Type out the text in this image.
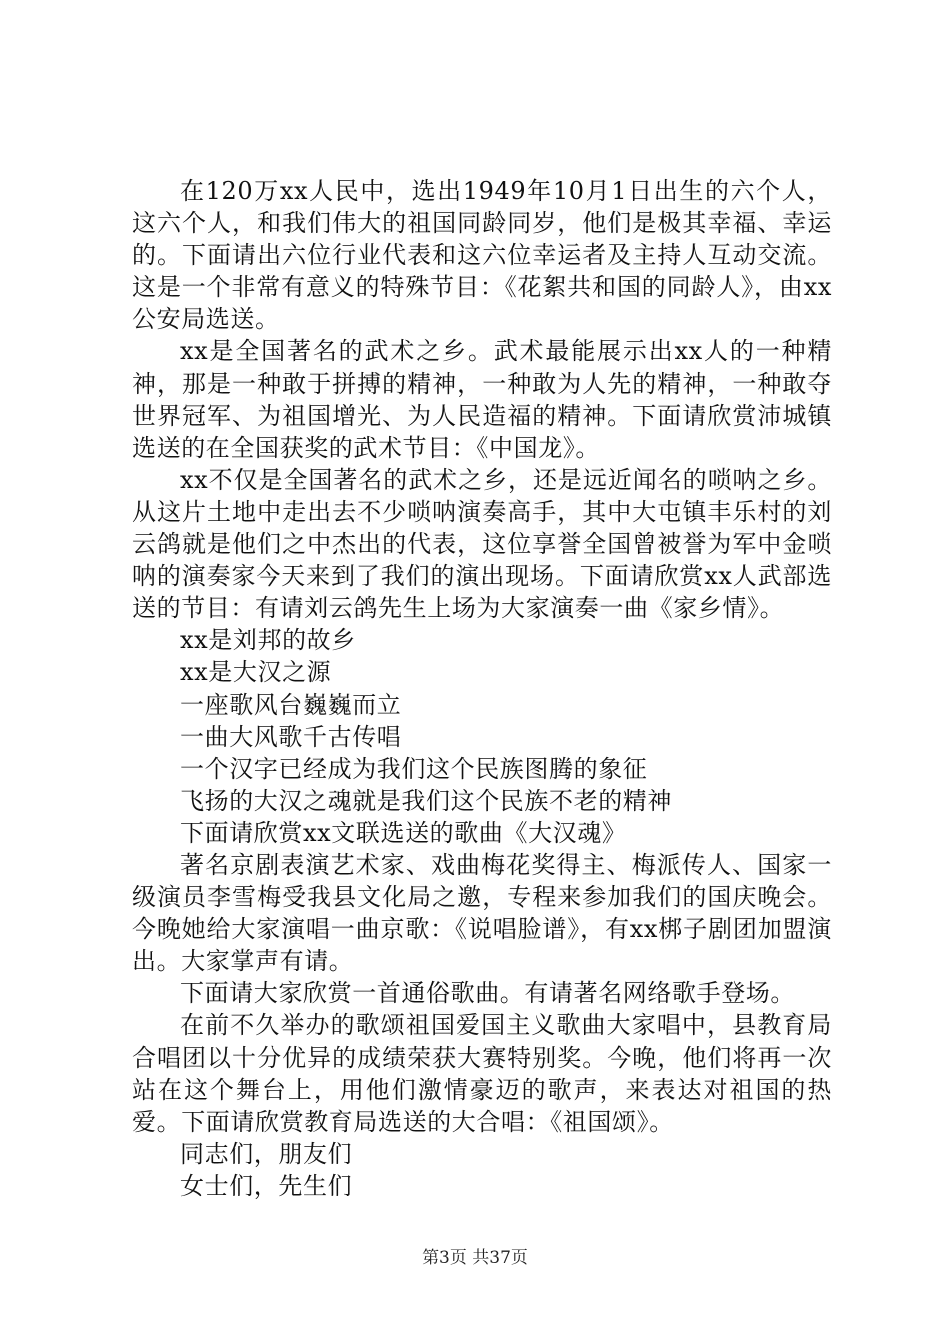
在120万xx人民中，选出1949年10月1日出生的六个人，这六个人，和我们伟大的祖国同龄同岁，他们是极其幸福、幸运的。下面请出六位行业代表和这六位幸运者及主持人互动交流。这是一个非常有意义的特殊节目：《花絮共和国的同龄人》，由xx公安局选送。

xx是全国著名的武术之乡。武术最能展示出xx人的一种精神，那是一种敢于拼搏的精神，一种敢为人先的精神，一种敢夺世界冠军、为祖国增光、为人民造福的精神。下面请欣赏沛城镇选送的在全国获奖的武术节目：《中国龙》。

xx不仅是全国著名的武术之乡，还是远近闻名的唢呐之乡。从这片土地中走出去不少唢呐演奏高手，其中大屯镇丰乐村的刘云鸽就是他们之中杰出的代表，这位享誉全国曾被誉为军中金唢呐的演奏家今天来到了我们的演出现场。下面请欣赏xx人武部选送的节目：有请刘云鸽先生上场为大家演奏一曲《家乡情》。

xx是刘邦的故乡

xx是大汉之源

一座歌风台巍巍而立

一曲大风歌千古传唱

一个汉字已经成为我们这个民族图腾的象征

飞扬的大汉之魂就是我们这个民族不老的精神

下面请欣赏xx文联选送的歌曲《大汉魂》

著名京剧表演艺术家、戏曲梅花奖得主、梅派传人、国家一级演员李雪梅受我县文化局之邀，专程来参加我们的国庆晚会。今晚她给大家演唱一曲京歌：《说唱脸谱》，有xx梆子剧团加盟演出。大家掌声有请。

下面请大家欣赏一首通俗歌曲。有请著名网络歌手登场。

在前不久举办的歌颂祖国爱国主义歌曲大家唱中，县教育局合唱团以十分优异的成绩荣获大赛特别奖。今晚，他们将再一次站在这个舞台上，用他们激情豪迈的歌声，来表达对祖国的热爱。下面请欣赏教育局选送的大合唱：《祖国颂》。

同志们，朋友们

女士们，先生们

第3页 共37页
